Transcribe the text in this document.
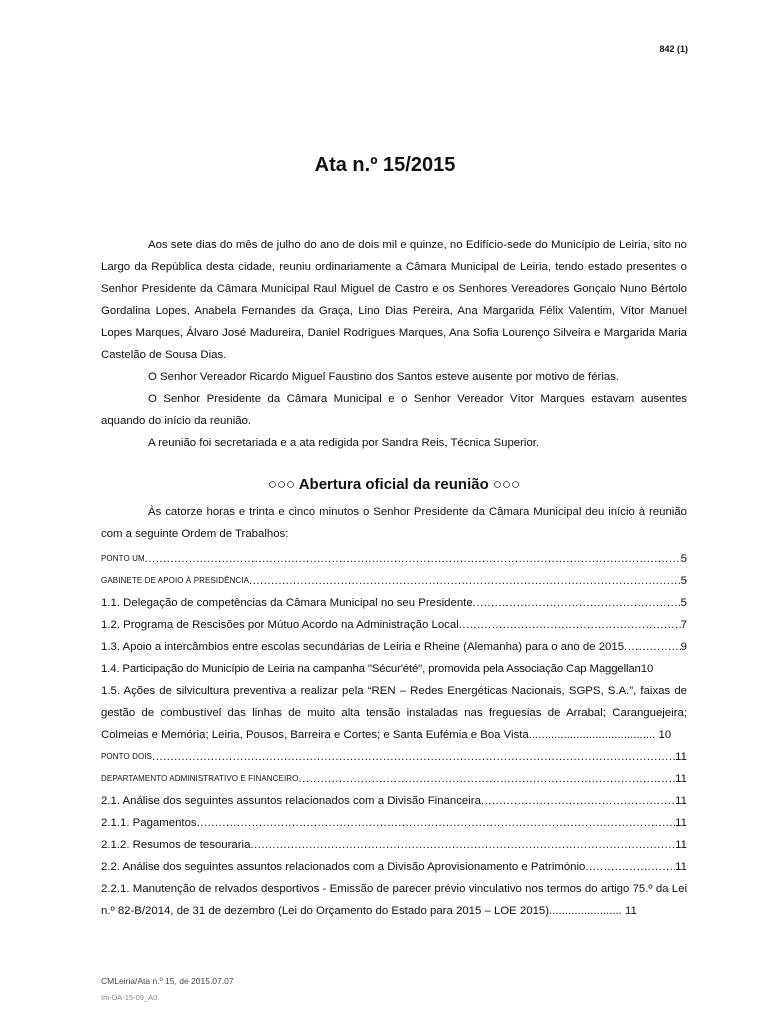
842 (1)
Ata n.º 15/2015

Aos sete dias do mês de julho do ano de dois mil e quinze, no Edifício-sede do Município de Leiria, sito no Largo da República desta cidade, reuniu ordinariamente a Câmara Municipal de Leiria, tendo estado presentes o Senhor Presidente da Câmara Municipal Raul Miguel de Castro e os Senhores Vereadores Gonçalo Nuno Bértolo Gordalina Lopes, Anabela Fernandes da Graça, Lino Dias Pereira, Ana Margarida Félix Valentim, Vítor Manuel Lopes Marques, Álvaro José Madureira, Daniel Rodrigues Marques, Ana Sofia Lourenço Silveira e Margarida Maria Castelão de Sousa Dias.

O Senhor Vereador Ricardo Miguel Faustino dos Santos esteve ausente por motivo de férias.

O Senhor Presidente da Câmara Municipal e o Senhor Vereador Vítor Marques estavam ausentes aquando do início da reunião.

A reunião foi secretariada e a ata redigida por Sandra Reis, Técnica Superior.

○○○ Abertura oficial da reunião ○○○

Às catorze horas e trinta e cinco minutos o Senhor Presidente da Câmara Municipal deu início à reunião com a seguinte Ordem de Trabalhos:

PONTO UM .....	5
GABINETE DE APOIO À PRESIDÊNCIA .....	5
1.1. Delegação de competências da Câmara Municipal no seu Presidente .....	5
1.2. Programa de Rescisões por Mútuo Acordo na Administração Local .....	7
1.3. Apoio a intercâmbios entre escolas secundárias de Leiria e Rheine (Alemanha) para o ano de 2015 .....	9
1.4. Participação do Município de Leiria na campanha "Sécur'été", promovida pela Associação Cap Maggellan 10
1.5. Ações de silvicultura preventiva a realizar pela “REN – Redes Energéticas Nacionais, SGPS, S.A.”, faixas de gestão de combustível das linhas de muito alta tensão instaladas nas freguesias de Arrabal; Caranguejeira; Colmeias e Memória; Leiria, Pousos, Barreira e Cortes; e Santa Eufémia e Boa Vista........................................ 10
PONTO DOIS .....	11
DEPARTAMENTO ADMINISTRATIVO E FINANCEIRO .....	11
2.1. Análise dos seguintes assuntos relacionados com a Divisão Financeira .....	11
2.1.1. Pagamentos .....	11
2.1.2. Resumos de tesouraria .....	11
2.2. Análise dos seguintes assuntos relacionados com a Divisão Aprovisionamento e Património .....	11
2.2.1. Manutenção de relvados desportivos - Emissão de parecer prévio vinculativo nos termos do artigo 75.º da Lei n.º 82-B/2014, de 31 de dezembro (Lei do Orçamento do Estado para 2015 – LOE 2015)....................... 11
CMLeiria/Ata n.º 15, de 2015.07.07
Im-DA-15-09_A0
